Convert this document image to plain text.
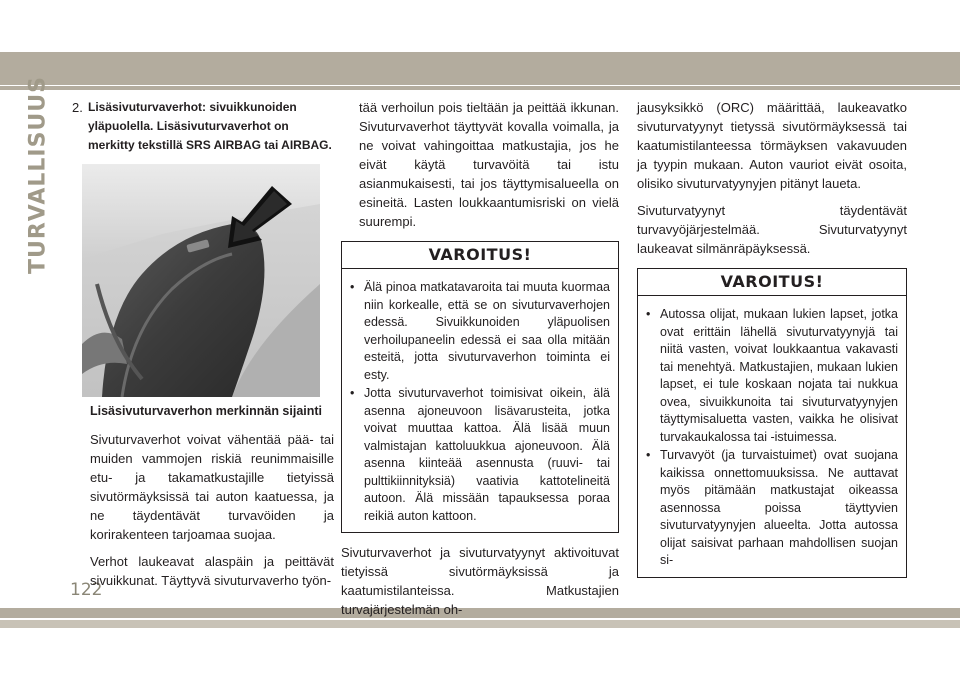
TURVALLISUUS
122
2. Lisäsivuturvaverhot: sivuikkunoiden yläpuolella. Lisäsivuturvaverhot on merkitty tekstillä SRS AIRBAG tai AIRBAG.
Lisäsivuturvaverhon merkinnän sijainti

Sivuturvaverhot voivat vähentää pää- tai muiden vammojen riskiä reunimmaisille etu- ja takamatkustajille tietyissä sivutörmäyksissä tai auton kaatuessa, ja ne täydentävät turvavöiden ja korirakenteen tarjoamaa suojaa.

Verhot laukeavat alaspäin ja peittävät sivuikkunat. Täyttyvä sivuturvaverho työn-

tää verhoilun pois tieltään ja peittää ikkunan. Sivuturvaverhot täyttyvät kovalla voimalla, ja ne voivat vahingoittaa matkustajia, jos he eivät käytä turvavöitä tai istu asianmukaisesti, tai jos täyttymisalueella on esineitä. Lasten loukkaantumisriski on vielä suurempi.

VAROITUS!
• Älä pinoa matkatavaroita tai muuta kuormaa niin korkealle, että se on sivuturvaverhojen edessä. Sivuikkunoiden yläpuolisen verhoilupaneelin edessä ei saa olla mitään esteitä, jotta sivuturvaverhon toiminta ei esty.
• Jotta sivuturvaverhot toimisivat oikein, älä asenna ajoneuvoon lisävarusteita, jotka voivat muuttaa kattoa. Älä lisää muun valmistajan kattoluukkua ajoneuvoon. Älä asenna kiinteää asennusta (ruuvi- tai pulttikiinnityksiä) vaativia kattotelineitä autoon. Älä missään tapauksessa poraa reikiä auton kattoon.

Sivuturvaverhot ja sivuturvatyynyt aktivoituvat tietyissä sivutörmäyksissä ja kaatumistilanteissa. Matkustajien turvajärjestelmän oh-

jausyksikkö (ORC) määrittää, laukeavatko sivuturvatyynyt tietyssä sivutörmäyksessä tai kaatumistilanteessa törmäyksen vakavuuden ja tyypin mukaan. Auton vauriot eivät osoita, olisiko sivuturvatyynyjen pitänyt laueta.

Sivuturvatyynyt täydentävät turvavyöjärjestelmää. Sivuturvatyynyt laukeavat silmänräpäyksessä.

VAROITUS!
• Autossa olijat, mukaan lukien lapset, jotka ovat erittäin lähellä sivuturvatyynyjä tai niitä vasten, voivat loukkaantua vakavasti tai menehtyä. Matkustajien, mukaan lukien lapset, ei tule koskaan nojata tai nukkua ovea, sivuikkunoita tai sivuturvatyynyjen täyttymisaluetta vasten, vaikka he olisivat turvakaukalossa tai -istuimessa.
• Turvavyöt (ja turvaistuimet) ovat suojana kaikissa onnettomuuksissa. Ne auttavat myös pitämään matkustajat oikeassa asennossa poissa täyttyvien sivuturvatyynyjen alueelta. Jotta autossa olijat saisivat parhaan mahdollisen suojan si-
